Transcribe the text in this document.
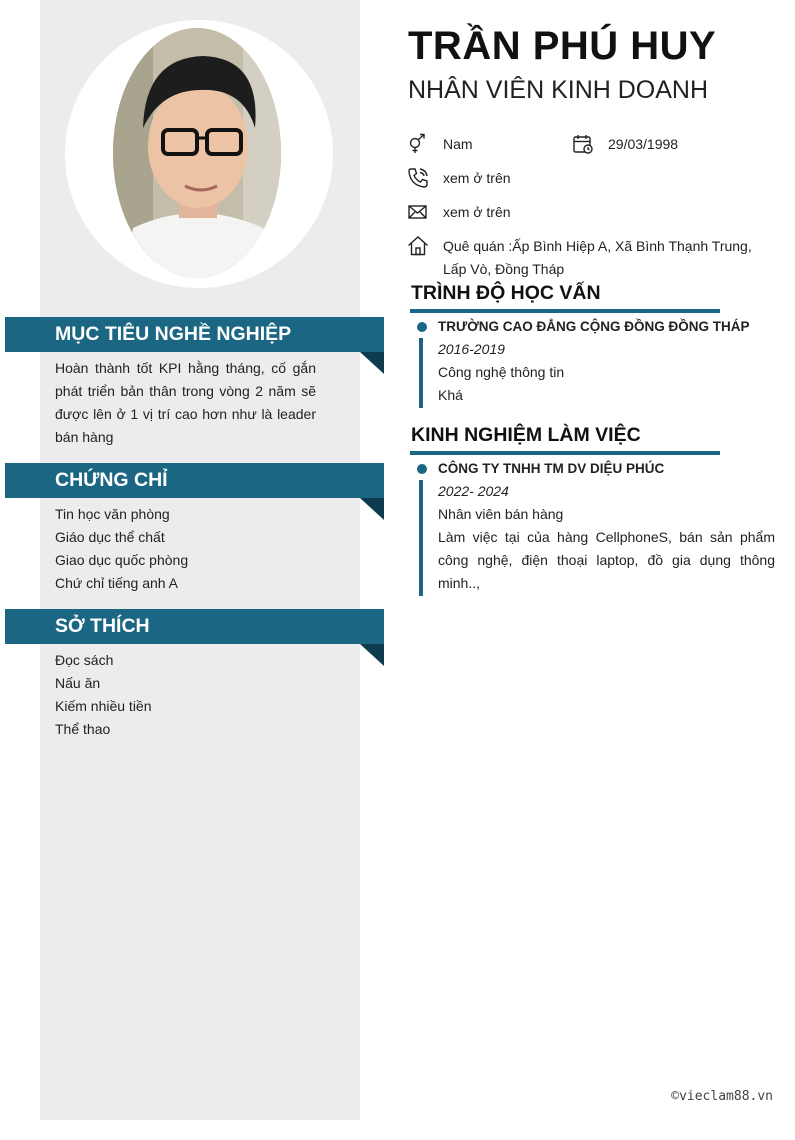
MỤC TIÊU NGHỀ NGHIỆP
Hoàn thành tốt KPI hằng tháng, cố gắn phát triển bản thân trong vòng 2 năm sẽ được lên ở 1 vị trí cao hơn như là leader bán hàng
CHỨNG CHỈ
Tin học văn phòng
Giáo dục thể chất
Giao dục quốc phòng
Chứ chỉ tiếng anh A
SỞ THÍCH
Đọc sách
Nấu ăn
Kiếm nhiều tiền
Thể thao
TRẦN PHÚ HUY
NHÂN VIÊN KINH DOANH
Nam	29/03/1998
xem ở trên
xem ở trên
Quê quán :Ấp Bình Hiệp A, Xã Bình Thạnh Trung, Lấp Vò, Đồng Tháp
TRÌNH ĐỘ HỌC VẤN
TRƯỜNG CAO ĐẲNG CỘNG ĐỒNG ĐỒNG THÁP
2016-2019
Công nghệ thông tin
Khá
KINH NGHIỆM LÀM VIỆC
CÔNG TY TNHH TM DV DIỆU PHÚC
2022- 2024
Nhân viên bán hàng
Làm việc tại của hàng CellphoneS, bán sản phẩm công nghệ, điện thoại laptop, đồ gia dụng thông minh..,
©vieclam88.vn
